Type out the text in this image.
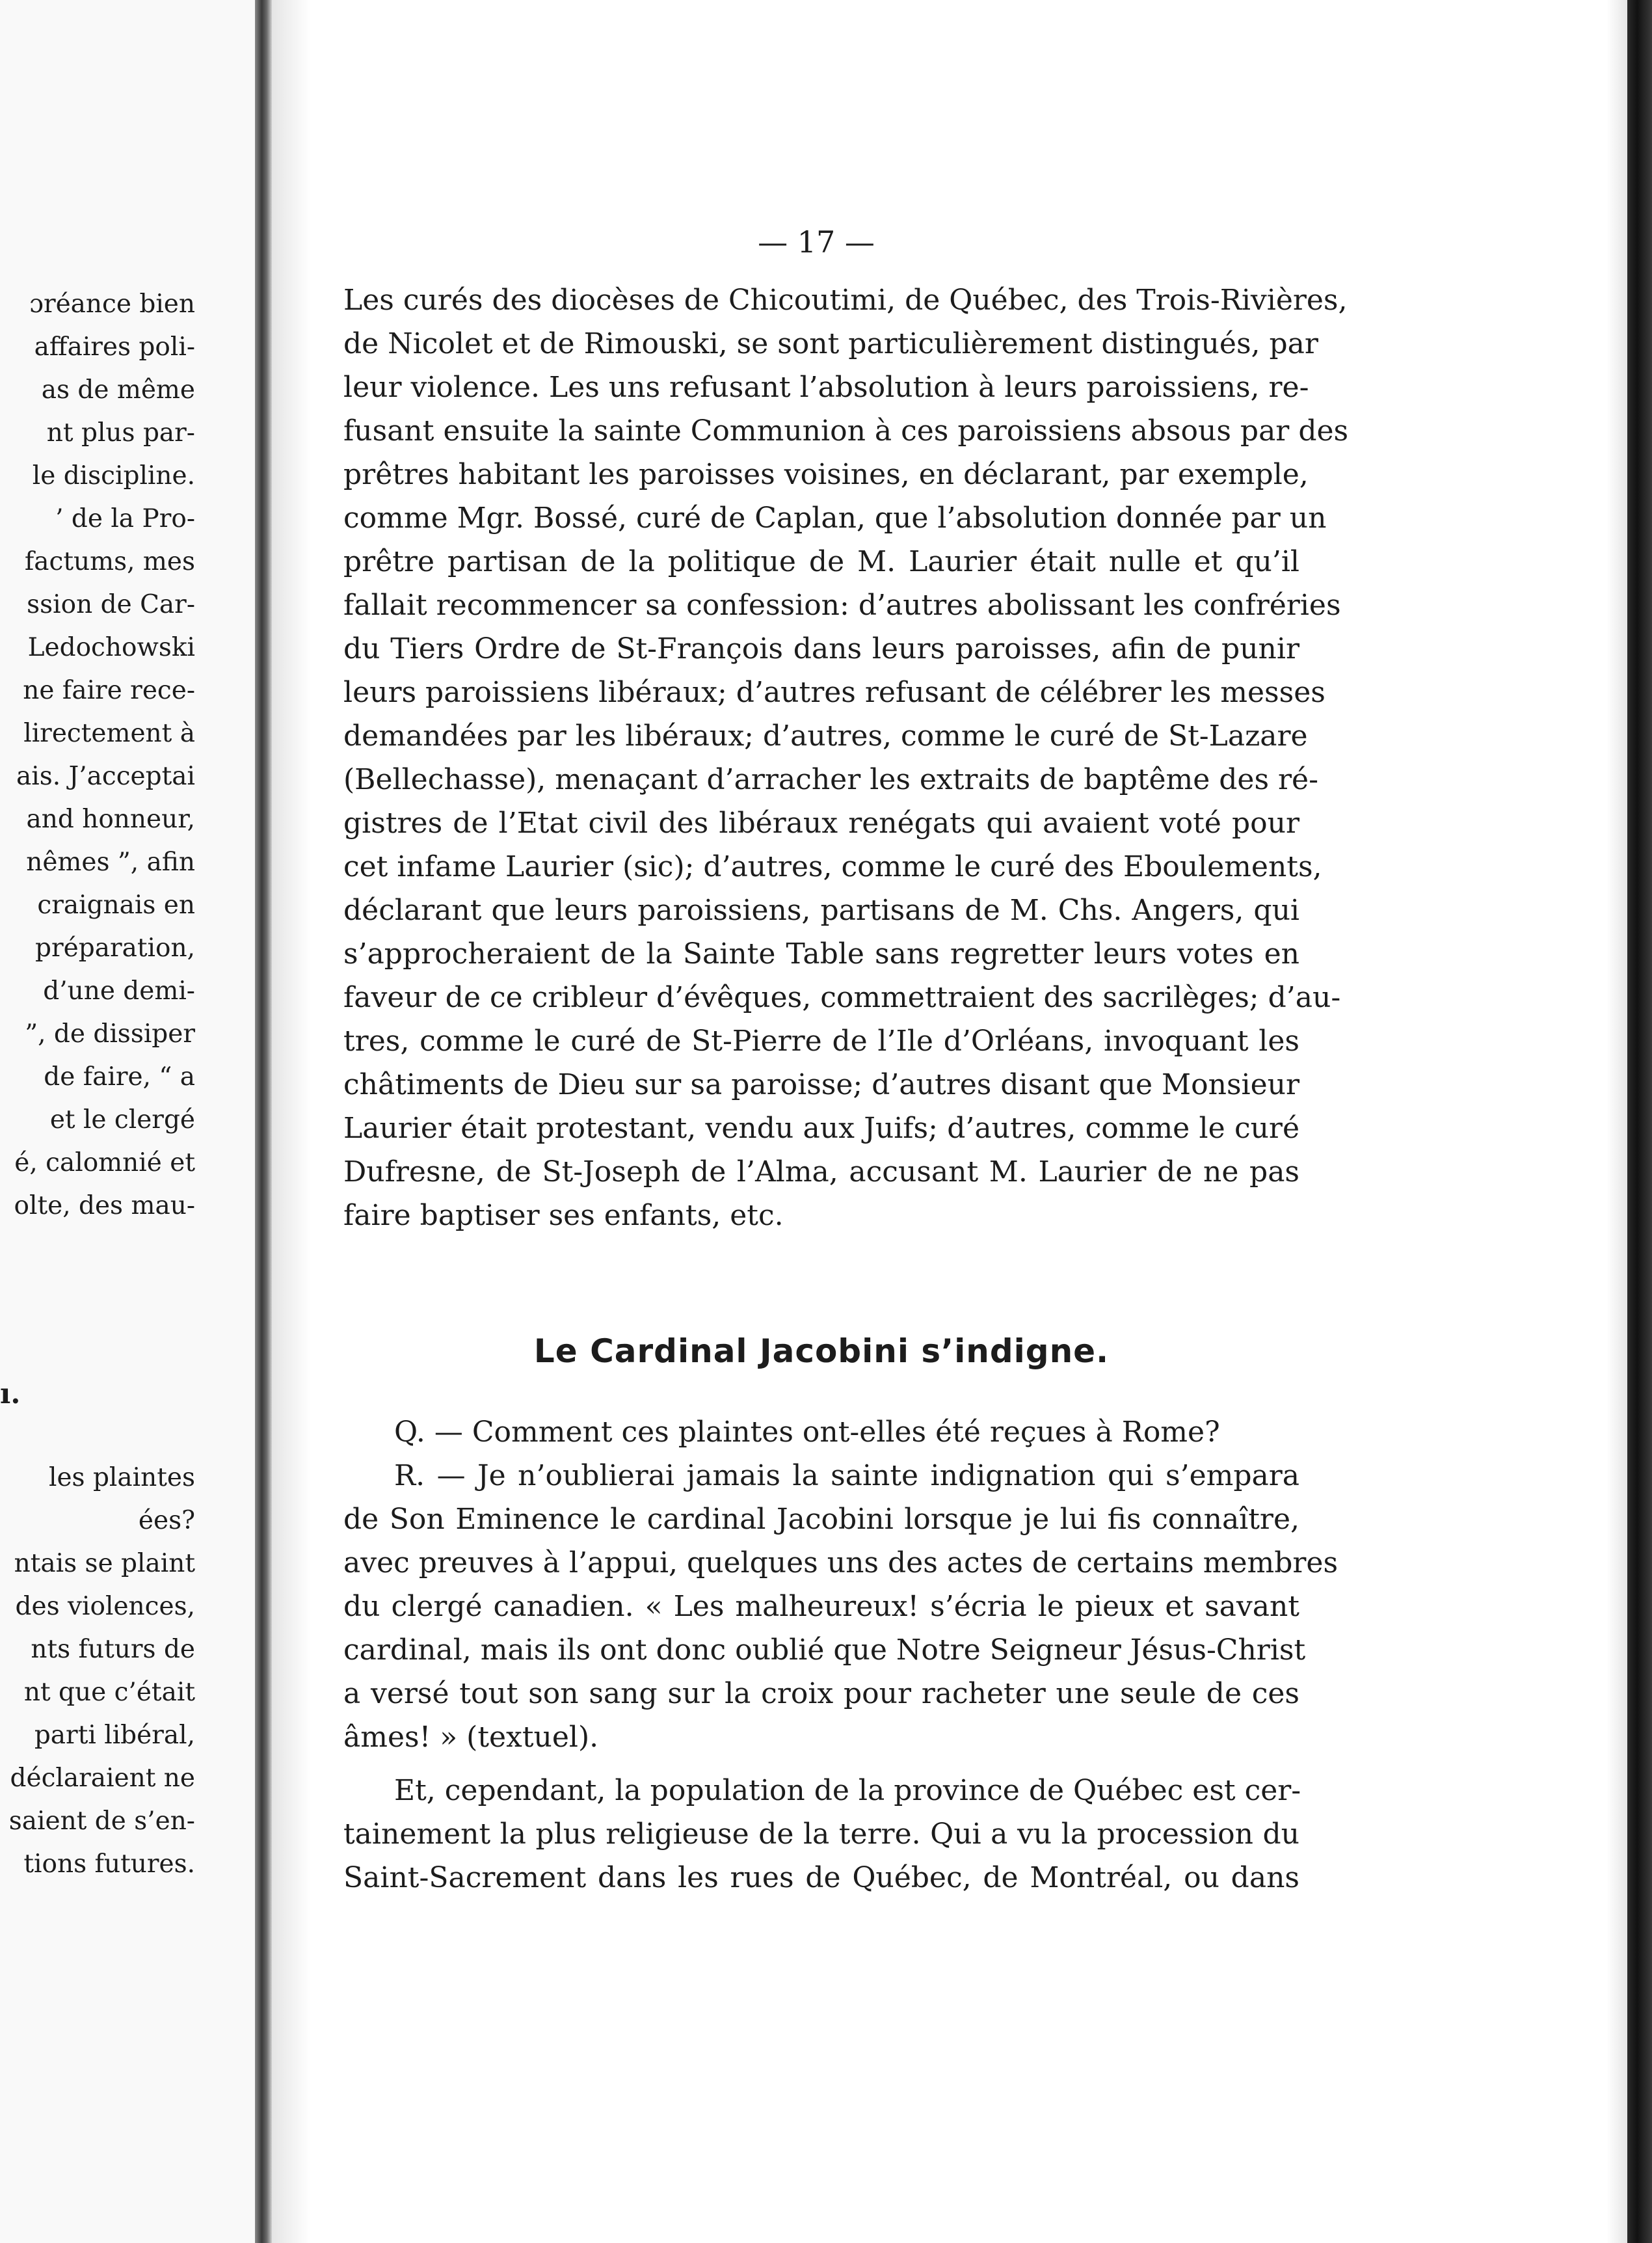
ɔréance bien
affaires poli-
as de même
nt plus par-
le discipline.
’ de la Pro-
factums, mes
ssion de Car-
Ledochowski
ne faire rece-
lirectement à
ais. J’acceptai
and honneur,
nêmes ”, afin
craignais en
préparation,
d’une demi-
”, de dissiper
de faire, “ a
et le clergé
é, calomnié et
olte, des mau-
ı.
les plaintes
ées?
ntais se plaint
des violences,
nts futurs de
nt que c’était
parti libéral,
déclaraient ne
saient de s’en-
tions futures.
— 17 —
Les curés des diocèses de Chicoutimi, de Québec, des Trois-Rivières,
de Nicolet et de Rimouski, se sont particulièrement distingués, par
leur violence. Les uns refusant l’absolution à leurs paroissiens, re-
fusant ensuite la sainte Communion à ces paroissiens absous par des
prêtres habitant les paroisses voisines, en déclarant, par exemple,
comme Mgr. Bossé, curé de Caplan, que l’absolution donnée par un
prêtre partisan de la politique de M. Laurier était nulle et qu’il
fallait recommencer sa confession: d’autres abolissant les confréries
du Tiers Ordre de St-François dans leurs paroisses, afin de punir
leurs paroissiens libéraux; d’autres refusant de célébrer les messes
demandées par les libéraux; d’autres, comme le curé de St-Lazare
(Bellechasse), menaçant d’arracher les extraits de baptême des ré-
gistres de l’Etat civil des libéraux renégats qui avaient voté pour
cet infame Laurier (sic); d’autres, comme le curé des Eboulements,
déclarant que leurs paroissiens, partisans de M. Chs. Angers, qui
s’approcheraient de la Sainte Table sans regretter leurs votes en
faveur de ce cribleur d’évêques, commettraient des sacrilèges; d’au-
tres, comme le curé de St-Pierre de l’Ile d’Orléans, invoquant les
châtiments de Dieu sur sa paroisse; d’autres disant que Monsieur
Laurier était protestant, vendu aux Juifs; d’autres, comme le curé
Dufresne, de St-Joseph de l’Alma, accusant M. Laurier de ne pas
faire baptiser ses enfants, etc.
Q. — Comment ces plaintes ont-elles été reçues à Rome?
R. — Je n’oublierai jamais la sainte indignation qui s’empara
de Son Eminence le cardinal Jacobini lorsque je lui fis connaître,
avec preuves à l’appui, quelques uns des actes de certains membres
du clergé canadien. « Les malheureux! s’écria le pieux et savant
cardinal, mais ils ont donc oublié que Notre Seigneur Jésus-Christ
a versé tout son sang sur la croix pour racheter une seule de ces
âmes! » (textuel).
Et, cependant, la population de la province de Québec est cer-
tainement la plus religieuse de la terre. Qui a vu la procession du
Saint-Sacrement dans les rues de Québec, de Montréal, ou dans
Le Cardinal Jacobini s’indigne.
